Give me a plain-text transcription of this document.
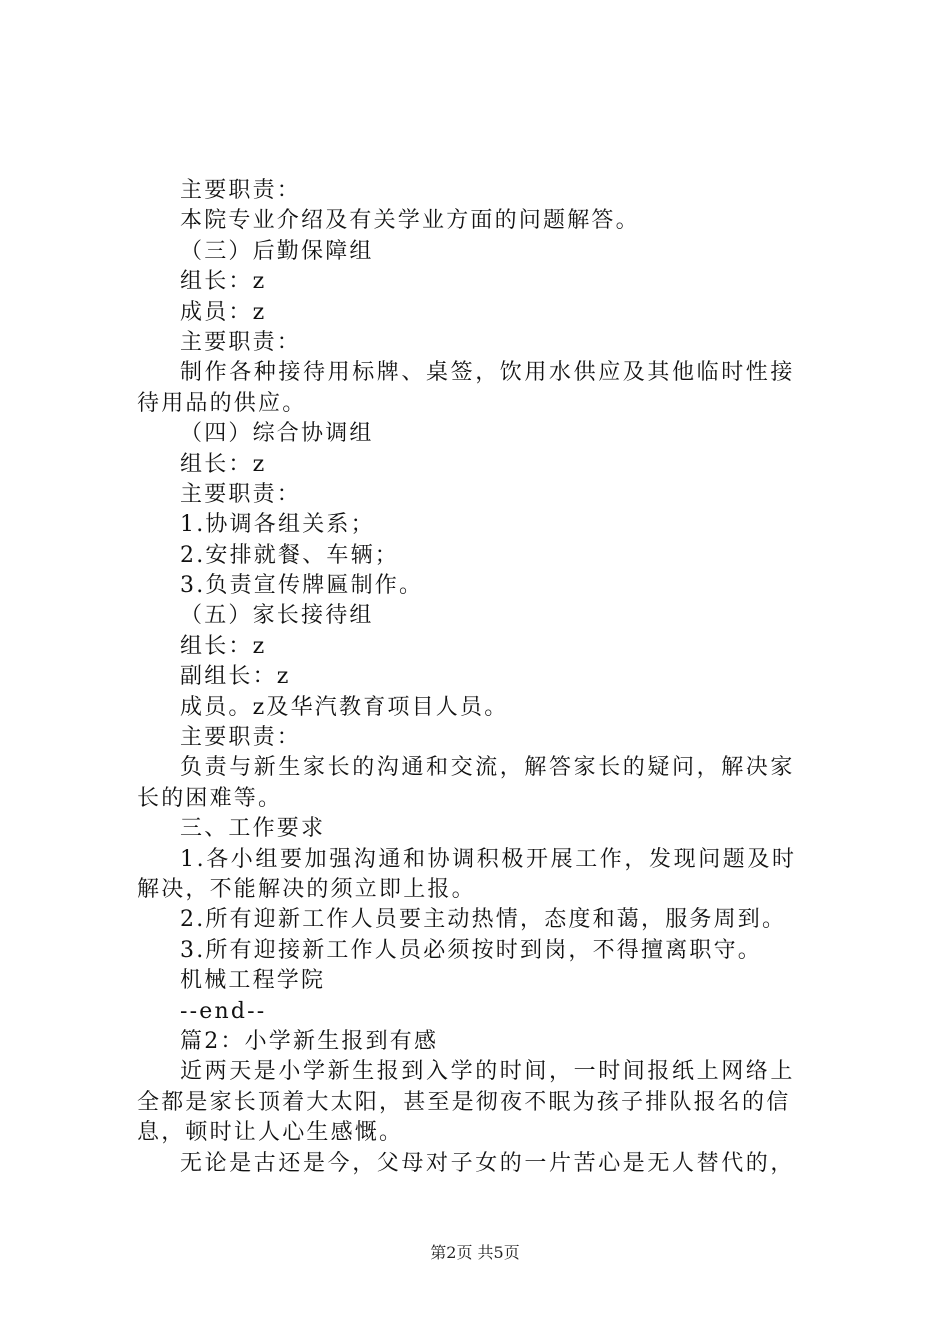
主要职责：
本院专业介绍及有关学业方面的问题解答。
（三）后勤保障组
组长：z
成员：z
主要职责：
制作各种接待用标牌、桌签，饮用水供应及其他临时性接
待用品的供应。
（四）综合协调组
组长：z
主要职责：
1.协调各组关系；
2.安排就餐、车辆；
3.负责宣传牌匾制作。
（五）家长接待组
组长：z
副组长：z
成员。z及华汽教育项目人员。
主要职责：
负责与新生家长的沟通和交流，解答家长的疑问，解决家
长的困难等。
三、工作要求
1.各小组要加强沟通和协调积极开展工作，发现问题及时
解决，不能解决的须立即上报。
2.所有迎新工作人员要主动热情，态度和蔼，服务周到。
3.所有迎接新工作人员必须按时到岗，不得擅离职守。
机械工程学院
--end--
篇2：小学新生报到有感
近两天是小学新生报到入学的时间，一时间报纸上网络上
全都是家长顶着大太阳，甚至是彻夜不眠为孩子排队报名的信
息，顿时让人心生感慨。
无论是古还是今，父母对子女的一片苦心是无人替代的，
第2页 共5页
